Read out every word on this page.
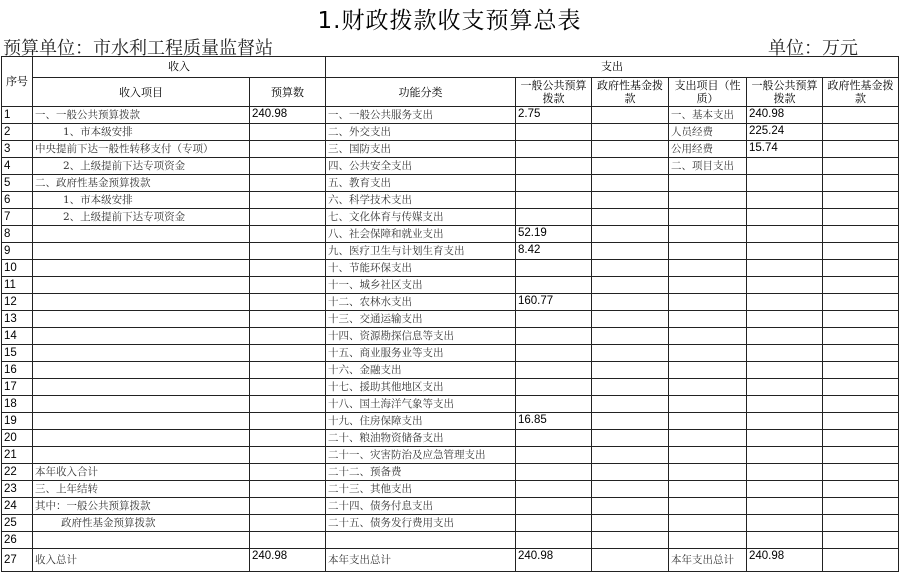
1.财政拨款收支预算总表
预算单位：市水利工程质量监督站	单位：万元
序号	收入		支出					
	收入项目	预算数	功能分类	一般公共预算拨款	政府性基金拨款	支出项目（性质）	一般公共预算拨款	政府性基金拨款
1	一、一般公共预算拨款	240.98	一、一般公共服务支出	2.75		一、基本支出	240.98	
2	1、市本级安排		二、外交支出			人员经费	225.24	
3	中央提前下达一般性转移支付（专项）		三、国防支出			公用经费	15.74	
4	2、上级提前下达专项资金		四、公共安全支出			二、项目支出		
5	二、政府性基金预算拨款		五、教育支出					
6	1、市本级安排		六、科学技术支出					
7	2、上级提前下达专项资金		七、文化体育与传媒支出					
8			八、社会保障和就业支出	52.19				
9			九、医疗卫生与计划生育支出	8.42				
10			十、节能环保支出					
11			十一、城乡社区支出					
12			十二、农林水支出	160.77				
13			十三、交通运输支出					
14			十四、资源勘探信息等支出					
15			十五、商业服务业等支出					
16			十六、金融支出					
17			十七、援助其他地区支出					
18			十八、国土海洋气象等支出					
19			十九、住房保障支出	16.85				
20			二十、粮油物资储备支出					
21			二十一、灾害防治及应急管理支出					
22	本年收入合计		二十二、预备费					
23	三、上年结转		二十三、其他支出					
24	其中：一般公共预算拨款		二十四、债务付息支出					
25	政府性基金预算拨款		二十五、债务发行费用支出					
26								
27	收入总计	240.98	本年支出总计	240.98		本年支出总计	240.98	
